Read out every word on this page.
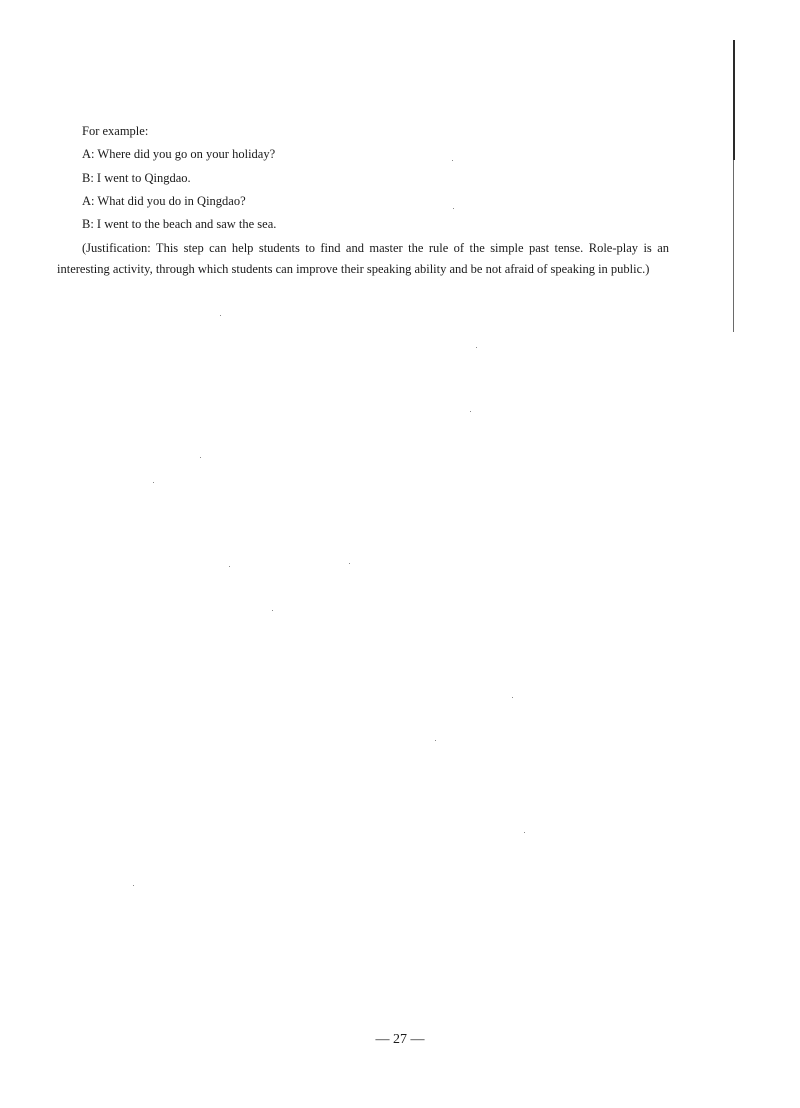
For example:
A: Where did you go on your holiday?
B: I went to Qingdao.
A: What did you do in Qingdao?
B: I went to the beach and saw the sea.
(Justification: This step can help students to find and master the rule of the simple past tense. Role-play is an interesting activity, through which students can improve their speaking ability and be not afraid of speaking in public.)
— 27 —
